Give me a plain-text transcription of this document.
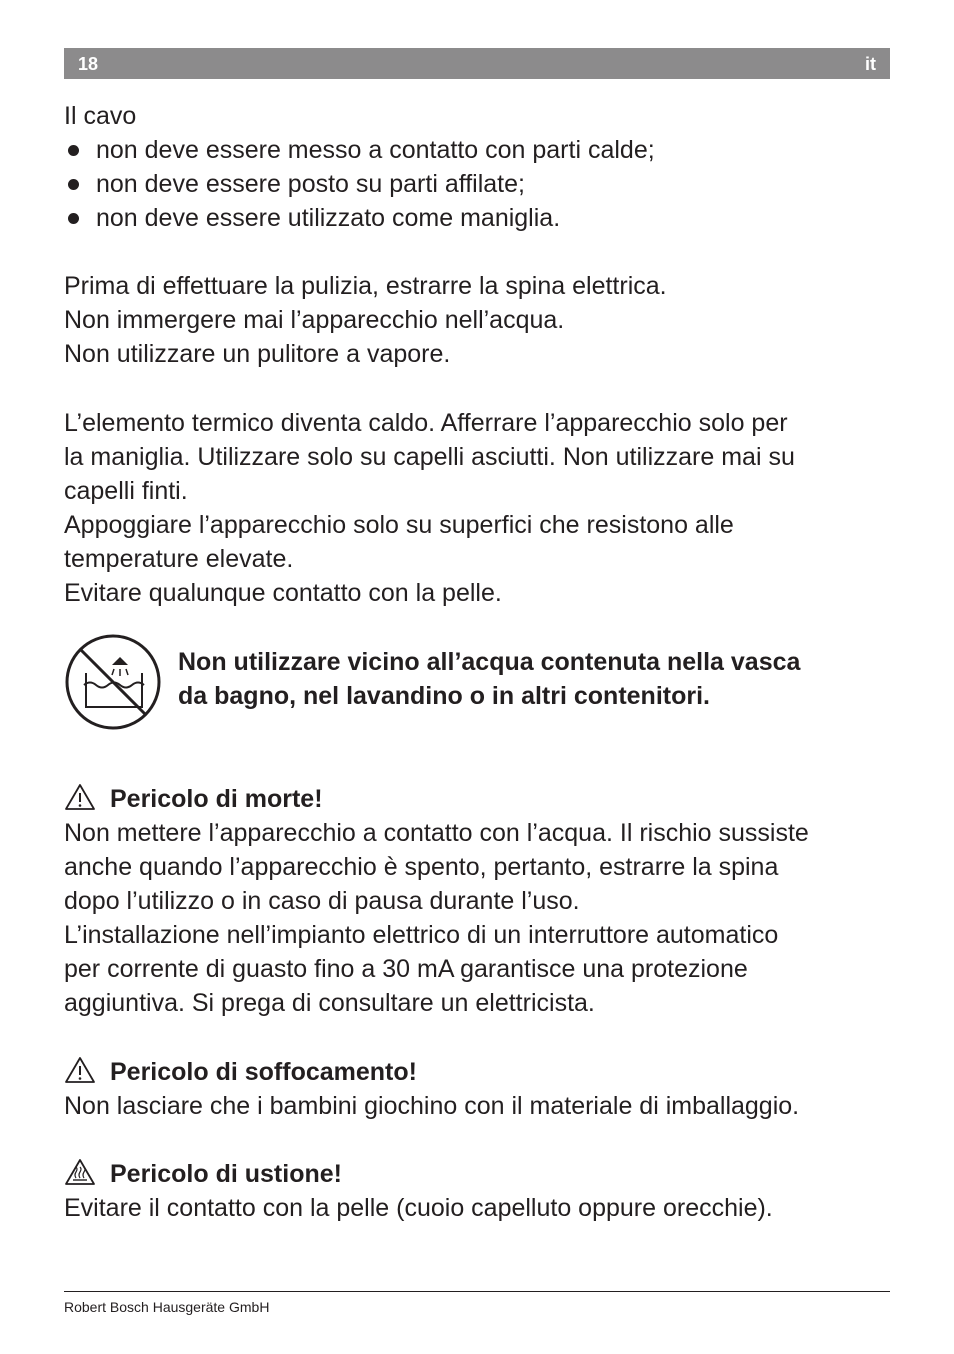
18	it
Il cavo
non deve essere messo a contatto con parti calde;
non deve essere posto su parti affilate;
non deve essere utilizzato come maniglia.
Prima di effettuare la pulizia, estrarre la spina elettrica.
Non immergere mai l’apparecchio nell’acqua.
Non utilizzare un pulitore a vapore.
L’elemento termico diventa caldo. Afferrare l’apparecchio solo per
la maniglia. Utilizzare solo su capelli asciutti. Non utilizzare mai su
capelli finti.
Appoggiare l’apparecchio solo su superfici che resistono alle
temperature elevate.
Evitare qualunque contatto con la pelle.
Non utilizzare vicino all’acqua contenuta nella vasca
da bagno, nel lavandino o in altri contenitori.
Pericolo di morte!
Non mettere l’apparecchio a contatto con l’acqua. Il rischio sussiste
anche quando l’apparecchio è spento, pertanto, estrarre la spina
dopo l’utilizzo o in caso di pausa durante l’uso.
L’installazione nell’impianto elettrico di un interruttore automatico
per corrente di guasto fino a 30 mA garantisce una protezione
aggiuntiva. Si prega di consultare un elettricista.
Pericolo di soffocamento!
Non lasciare che i bambini giochino con il materiale di imballaggio.
Pericolo di ustione!
Evitare il contatto con la pelle (cuoio capelluto oppure orecchie).
Robert Bosch Hausgeräte GmbH
